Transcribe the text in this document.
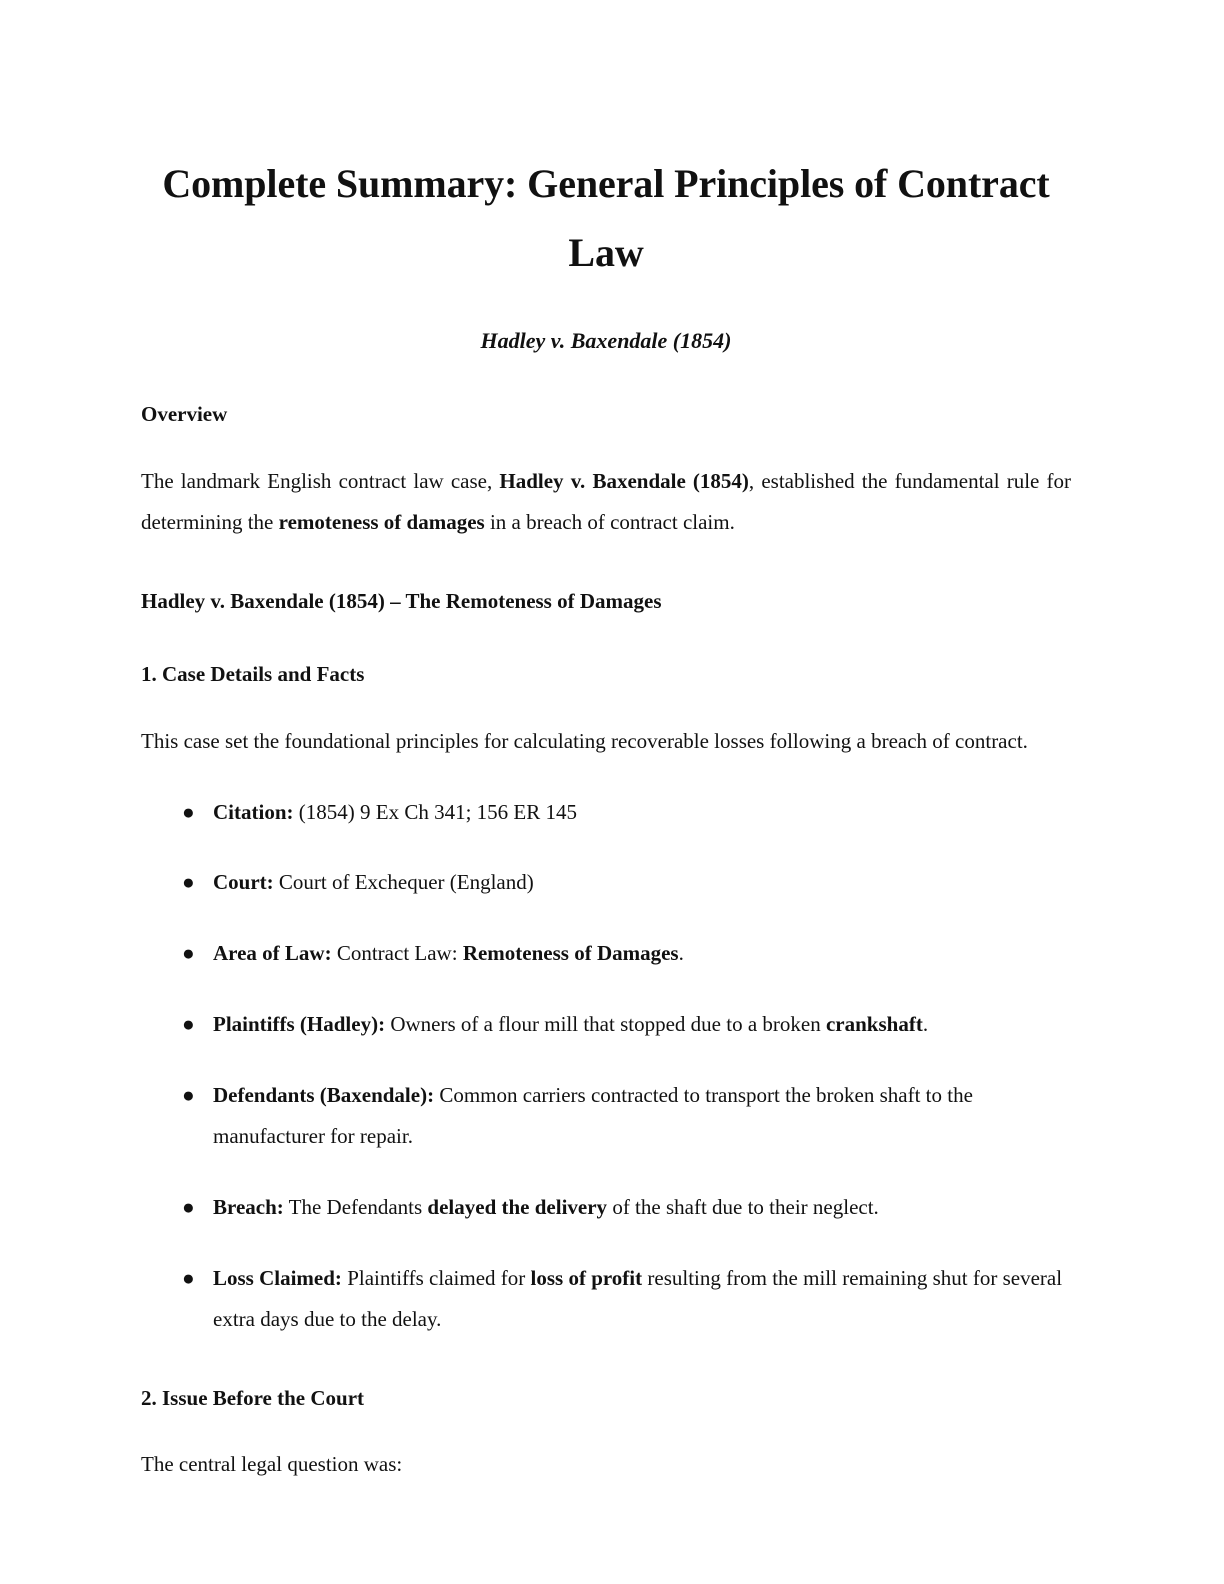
Complete Summary: General Principles of Contract Law
Hadley v. Baxendale (1854)
Overview

The landmark English contract law case, Hadley v. Baxendale (1854), established the fundamental rule for determining the remoteness of damages in a breach of contract claim.

Hadley v. Baxendale (1854) – The Remoteness of Damages
1. Case Details and Facts

This case set the foundational principles for calculating recoverable losses following a breach of contract.

● Citation: (1854) 9 Ex Ch 341; 156 ER 145
● Court: Court of Exchequer (England)
● Area of Law: Contract Law: Remoteness of Damages.
● Plaintiffs (Hadley): Owners of a flour mill that stopped due to a broken crankshaft.
● Defendants (Baxendale): Common carriers contracted to transport the broken shaft to the manufacturer for repair.
● Breach: The Defendants delayed the delivery of the shaft due to their neglect.
● Loss Claimed: Plaintiffs claimed for loss of profit resulting from the mill remaining shut for several extra days due to the delay.
2. Issue Before the Court

The central legal question was:
